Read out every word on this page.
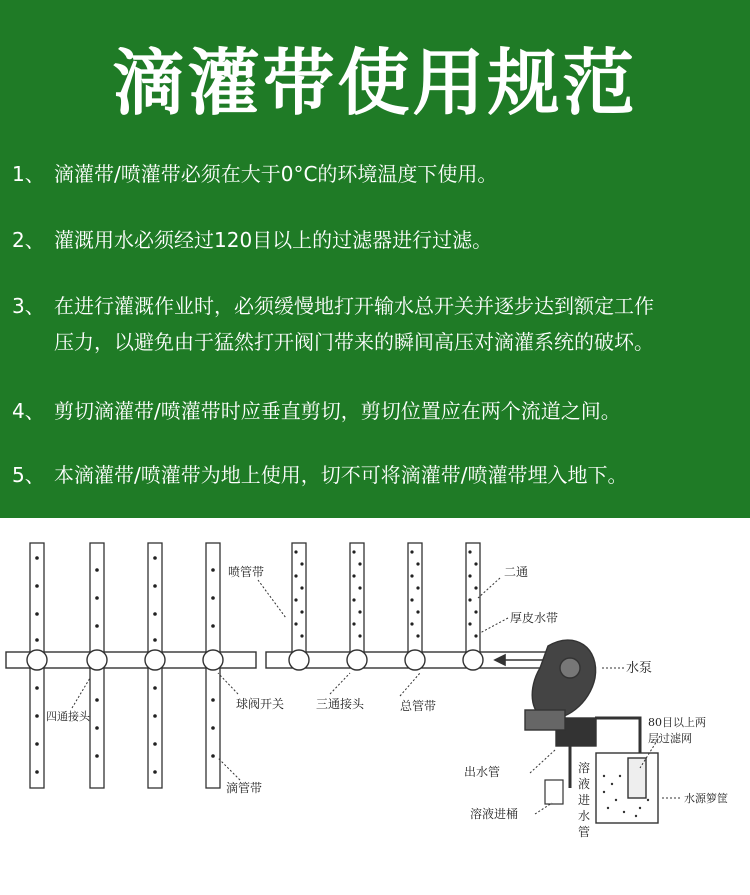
滴灌带使用规范
1、 滴灌带/喷灌带必须在大于0°C的环境温度下使用。
2、 灌溉用水必须经过120目以上的过滤器进行过滤。
3、 在进行灌溉作业时，必须缓慢地打开输水总开关并逐步达到额定工作
压力，以避免由于猛然打开阀门带来的瞬间高压对滴灌系统的破坏。
4、 剪切滴灌带/喷灌带时应垂直剪切，剪切位置应在两个流道之间。
5、 本滴灌带/喷灌带为地上使用，切不可将滴灌带/喷灌带埋入地下。
喷管带	二通
厚皮水带
水泵
四通接头
球阀开关	三通接头	总管带
80目以上两
层过滤网
出水管	溶
液
进
水
管
水源箩筐
滴管带
溶液进桶
